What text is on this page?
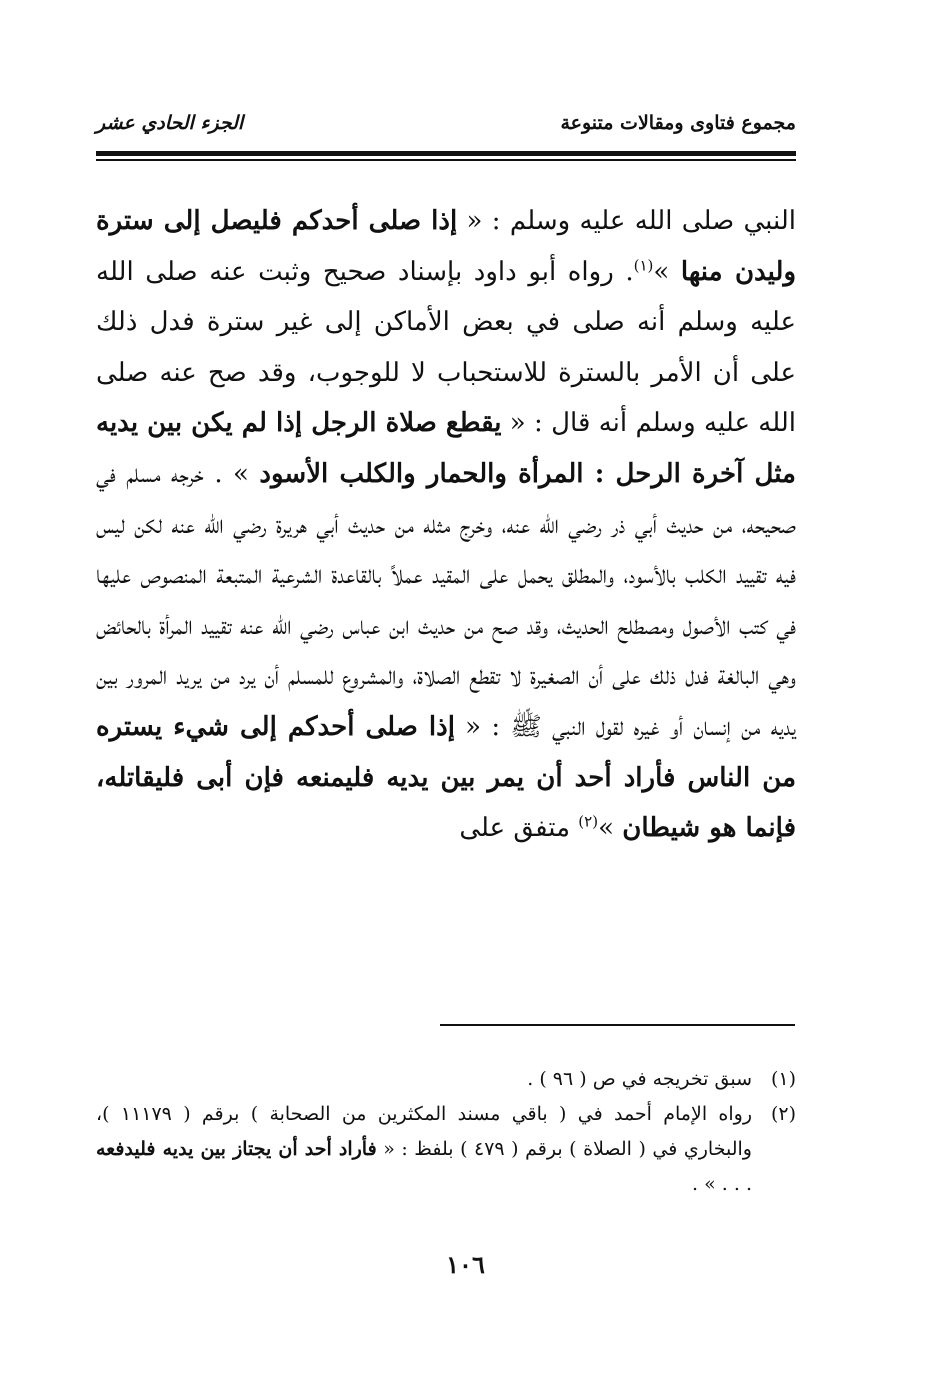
مجموع فتاوى ومقالات متنوعة
الجزء الحادي عشر

النبي صلى الله عليه وسلم : « إذا صلى أحدكم فليصل إلى سترة وليدن منها »$^{(١)}$. رواه أبو داود بإسناد صحيح وثبت عنه صلى الله عليه وسلم أنه صلى في بعض الأماكن إلى غير سترة فدل ذلك على أن الأمر بالسترة للاستحباب لا للوجوب، وقد صح عنه صلى الله عليه وسلم أنه قال : « يقطع صلاة الرجل إذا لم يكن بين يديه مثل آخرة الرحل : المرأة والحمار والكلب الأسود » . خرجه مسلم في صحيحه، من حديث أبي ذر رضي الله عنه، وخرج مثله من حديث أبي هريرة رضي الله عنه لكن ليس فيه تقييد الكلب بالأسود، والمطلق يحمل على المقيد عملاً بالقاعدة الشرعية المتبعة المنصوص عليها في كتب الأصول ومصطلح الحديث، وقد صح من حديث ابن عباس رضي الله عنه تقييد المرأة بالحائض وهي البالغة فدل ذلك على أن الصغيرة لا تقطع الصلاة، والمشروع للمسلم أن يرد من يريد المرور بين يديه من إنسان أو غيره لقول النبي ﷺ : « إذا صلى أحدكم إلى شيء يستره من الناس فأراد أحد أن يمر بين يديه فليمنعه فإن أبى فليقاتله، فإنما هو شيطان »$^{(٢)}$ متفق على

(١)
سبق تخريجه في ص ( ٩٦ ) .
(٢)
رواه الإمام أحمد في ( باقي مسند المكثرين من الصحابة ) برقم ( ١١١٧٩ )، والبخاري في ( الصلاة ) برقم ( ٤٧٩ ) بلفظ : « فأراد أحد أن يجتاز بين يديه فليدفعه . . . » .
١٠٦
